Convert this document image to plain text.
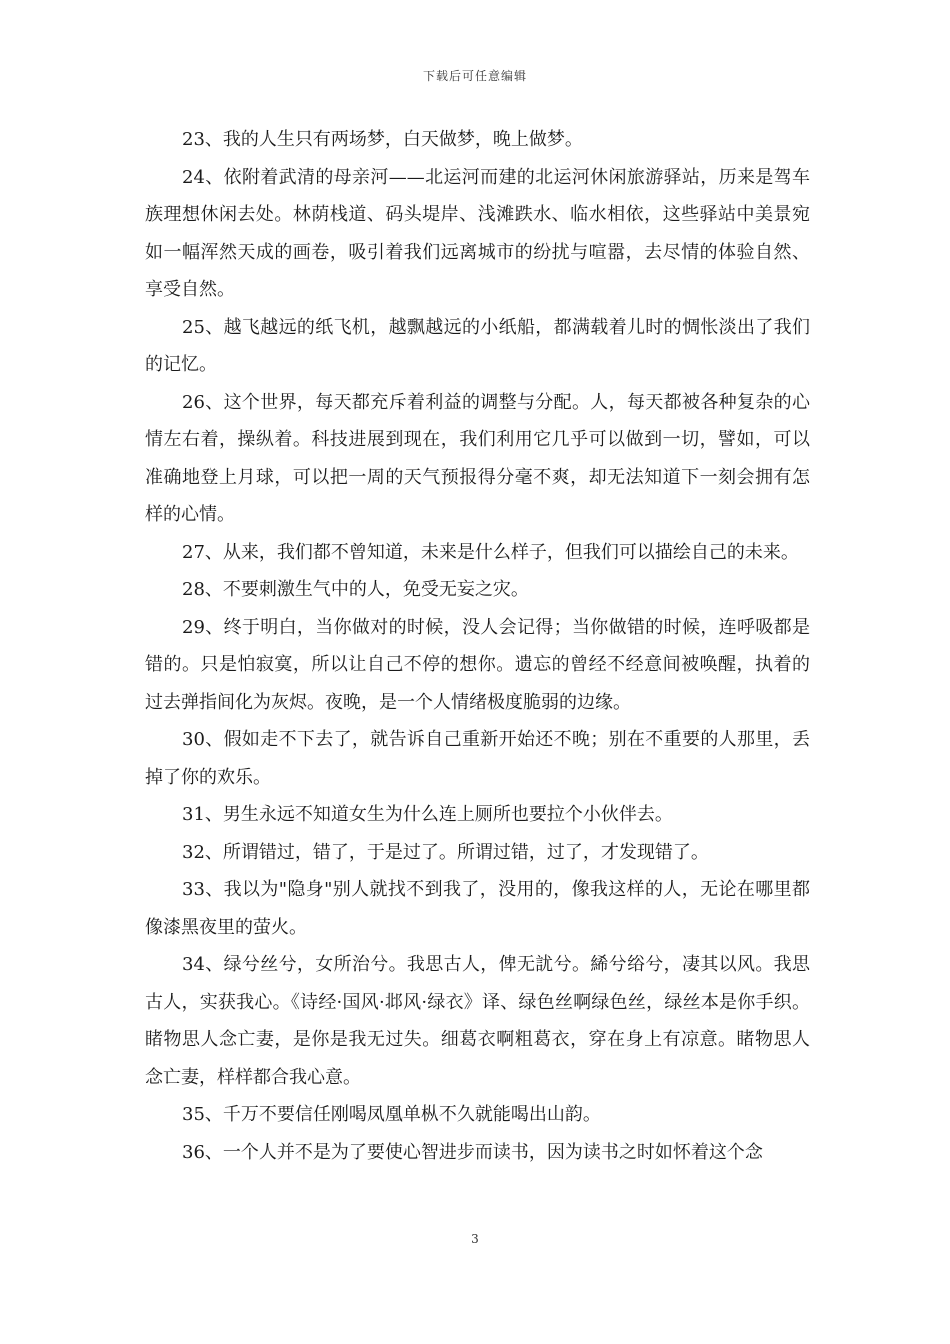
下载后可任意编辑

23、我的人生只有两场梦，白天做梦，晚上做梦。

24、依附着武清的母亲河——北运河而建的北运河休闲旅游驿站，历来是驾车族理想休闲去处。林荫栈道、码头堤岸、浅滩跌水、临水相依，这些驿站中美景宛如一幅浑然天成的画卷，吸引着我们远离城市的纷扰与喧嚣，去尽情的体验自然、享受自然。

25、越飞越远的纸飞机，越飘越远的小纸船，都满载着儿时的惆怅淡出了我们的记忆。

26、这个世界，每天都充斥着利益的调整与分配。人，每天都被各种复杂的心情左右着，操纵着。科技进展到现在，我们利用它几乎可以做到一切，譬如，可以准确地登上月球，可以把一周的天气预报得分毫不爽，却无法知道下一刻会拥有怎样的心情。

27、从来，我们都不曾知道，未来是什么样子，但我们可以描绘自己的未来。

28、不要刺激生气中的人，免受无妄之灾。

29、终于明白，当你做对的时候，没人会记得；当你做错的时候，连呼吸都是错的。只是怕寂寞，所以让自己不停的想你。遗忘的曾经不经意间被唤醒，执着的过去弹指间化为灰烬。夜晚，是一个人情绪极度脆弱的边缘。

30、假如走不下去了，就告诉自己重新开始还不晚；别在不重要的人那里，丢掉了你的欢乐。

31、男生永远不知道女生为什么连上厕所也要拉个小伙伴去。

32、所谓错过，错了，于是过了。所谓过错，过了，才发现错了。

33、我以为"隐身"别人就找不到我了，没用的，像我这样的人，无论在哪里都像漆黑夜里的萤火。

34、绿兮丝兮，女所治兮。我思古人，俾无訧兮。絺兮绤兮，凄其以风。我思古人，实获我心。《诗经·国风·邶风·绿衣》译、绿色丝啊绿色丝，绿丝本是你手织。睹物思人念亡妻，是你是我无过失。细葛衣啊粗葛衣，穿在身上有凉意。睹物思人念亡妻，样样都合我心意。

35、千万不要信任刚喝凤凰单枞不久就能喝出山韵。

36、一个人并不是为了要使心智进步而读书，因为读书之时如怀着这个念

3
